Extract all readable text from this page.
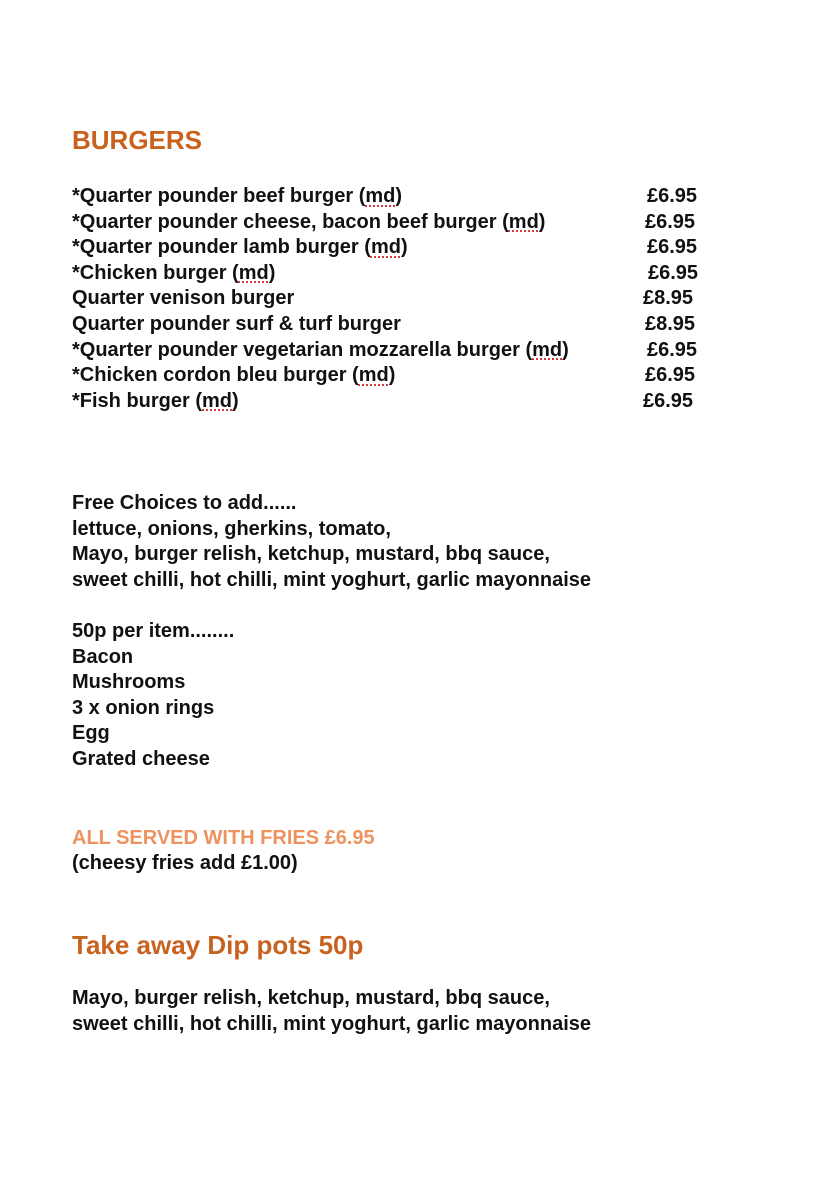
BURGERS
*Quarter pounder beef burger (md)	£6.95
*Quarter pounder cheese, bacon beef burger (md)	£6.95
*Quarter pounder lamb burger (md)	£6.95
*Chicken burger (md)	£6.95
Quarter venison burger	£8.95
Quarter pounder surf & turf burger	£8.95
*Quarter pounder vegetarian mozzarella burger (md)	£6.95
*Chicken cordon bleu burger (md)	£6.95
*Fish burger (md)	£6.95
Free Choices to add......
lettuce, onions, gherkins, tomato,
Mayo, burger relish, ketchup, mustard, bbq sauce,
sweet chilli, hot chilli, mint yoghurt, garlic mayonnaise
50p per item........
Bacon
Mushrooms
3 x onion rings
Egg
Grated cheese
ALL SERVED WITH FRIES £6.95
(cheesy fries add £1.00)
Take away Dip pots 50p
Mayo, burger relish, ketchup, mustard, bbq sauce,
sweet chilli, hot chilli, mint yoghurt, garlic mayonnaise
